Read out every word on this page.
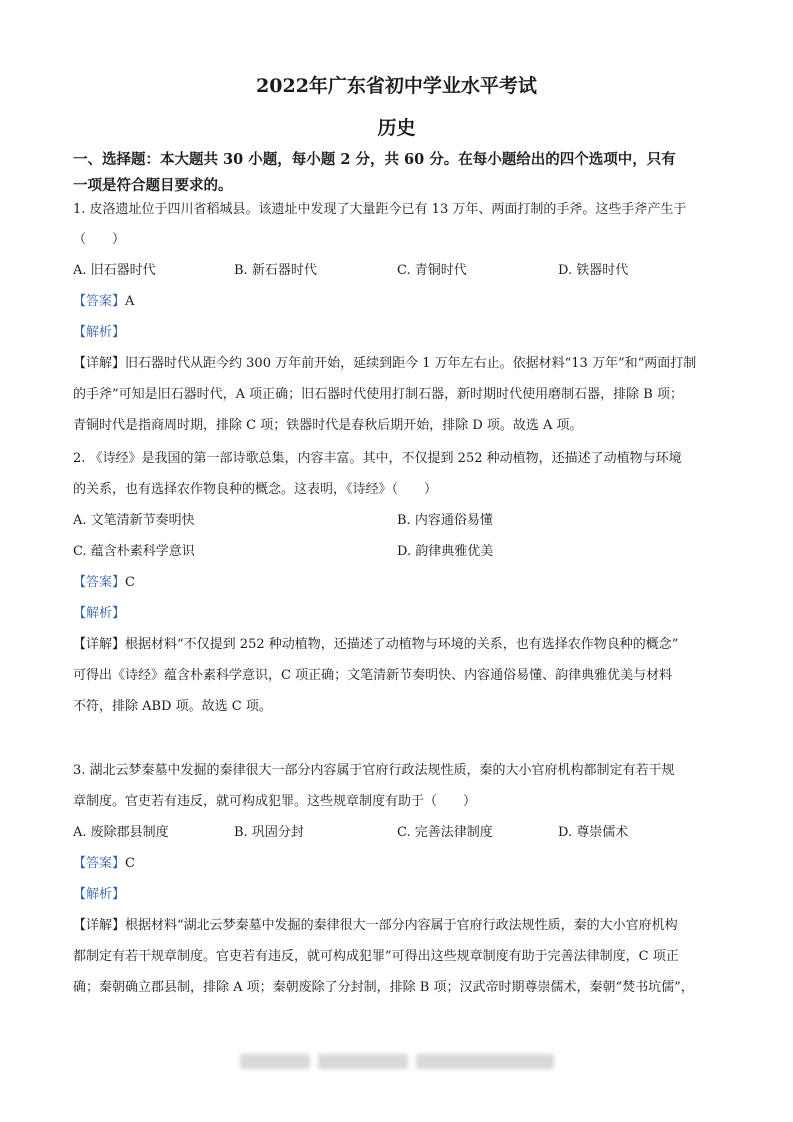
2022年广东省初中学业水平考试
历史
一、选择题：本大题共 30 小题，每小题 2 分，共 60 分。在每小题给出的四个选项中，只有
一项是符合题目要求的。
1. 皮洛遗址位于四川省稻城县。该遗址中发现了大量距今已有 13 万年、两面打制的手斧。这些手斧产生于
（　　）
A. 旧石器时代	B. 新石器时代	C. 青铜时代	D. 铁器时代
【答案】A
【解析】
【详解】旧石器时代从距今约 300 万年前开始，延续到距今 1 万年左右止。依据材料“13 万年”和“两面打制
的手斧”可知是旧石器时代，A 项正确；旧石器时代使用打制石器，新时期时代使用磨制石器，排除 B 项；
青铜时代是指商周时期，排除 C 项；铁器时代是春秋后期开始，排除 D 项。故选 A 项。
2. 《诗经》是我国的第一部诗歌总集，内容丰富。其中，不仅提到 252 种动植物，还描述了动植物与环境
的关系，也有选择农作物良种的概念。这表明，《诗经》（　　）
A. 文笔清新节奏明快	B. 内容通俗易懂
C. 蕴含朴素科学意识	D. 韵律典雅优美
【答案】C
【解析】
【详解】根据材料“不仅提到 252 种动植物，还描述了动植物与环境的关系，也有选择农作物良种的概念”
可得出《诗经》蕴含朴素科学意识，C 项正确；文笔清新节奏明快、内容通俗易懂、韵律典雅优美与材料
不符，排除 ABD 项。故选 C 项。
3. 湖北云梦秦墓中发掘的秦律很大一部分内容属于官府行政法规性质，秦的大小官府机构都制定有若干规
章制度。官吏若有违反，就可构成犯罪。这些规章制度有助于（　　）
A. 废除郡县制度	B. 巩固分封	C. 完善法律制度	D. 尊崇儒术
【答案】C
【解析】
【详解】根据材料“湖北云梦秦墓中发掘的秦律很大一部分内容属于官府行政法规性质，秦的大小官府机构
都制定有若干规章制度。官吏若有违反，就可构成犯罪”可得出这些规章制度有助于完善法律制度，C 项正
确；秦朝确立郡县制，排除 A 项；秦朝废除了分封制，排除 B 项；汉武帝时期尊崇儒术，秦朝“焚书坑儒”，
